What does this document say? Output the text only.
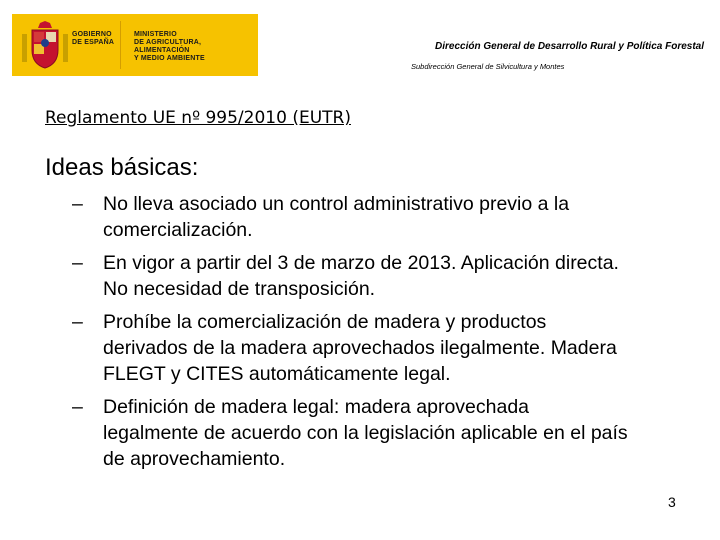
GOBIERNO
DE ESPAÑA
MINISTERIO
DE AGRICULTURA, ALIMENTACIÓN
Y MEDIO AMBIENTE
Dirección General de Desarrollo Rural y Política Forestal
Subdirección General de Silvicultura y Montes
Reglamento UE nº 995/2010 (EUTR)
Ideas básicas:
– No lleva asociado un control administrativo previo a la
comercialización.
– En vigor a partir del 3 de marzo de 2013. Aplicación directa.
No necesidad de transposición.
– Prohíbe la comercialización de madera y productos
derivados de la madera aprovechados ilegalmente. Madera
FLEGT y CITES automáticamente legal.
– Definición de madera legal: madera aprovechada
legalmente de acuerdo con la legislación aplicable en el país
de aprovechamiento.
3
